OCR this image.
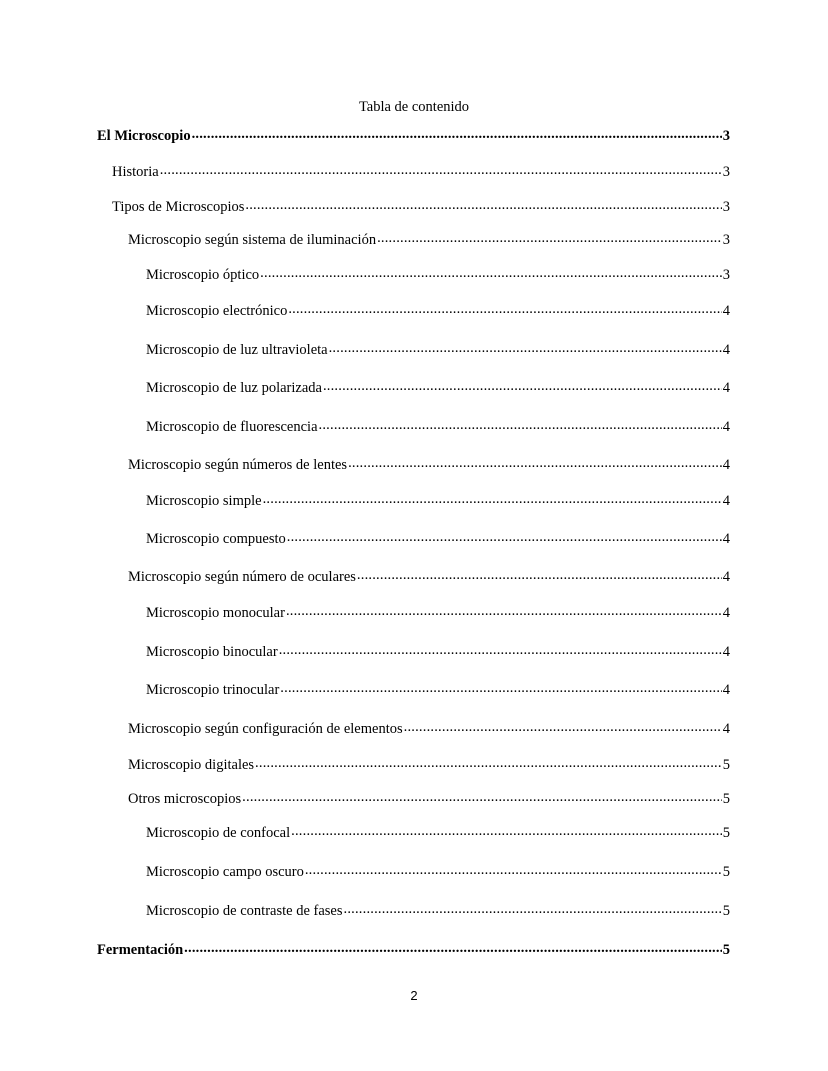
Tabla de contenido
El Microscopio .....	3
Historia .....	3
Tipos de Microscopios .....	3
Microscopio según sistema de iluminación .....	3
Microscopio óptico .....	3
Microscopio electrónico .....	4
Microscopio de luz ultravioleta .....	4
Microscopio de luz polarizada .....	4
Microscopio de fluorescencia .....	4
Microscopio según números de lentes .....	4
Microscopio simple .....	4
Microscopio compuesto .....	4
Microscopio según número de oculares .....	4
Microscopio monocular .....	4
Microscopio binocular .....	4
Microscopio trinocular .....	4
Microscopio según configuración de elementos .....	4
Microscopio digitales .....	5
Otros microscopios .....	5
Microscopio de confocal .....	5
Microscopio campo oscuro .....	5
Microscopio de contraste de fases .....	5
Fermentación .....	5
2
